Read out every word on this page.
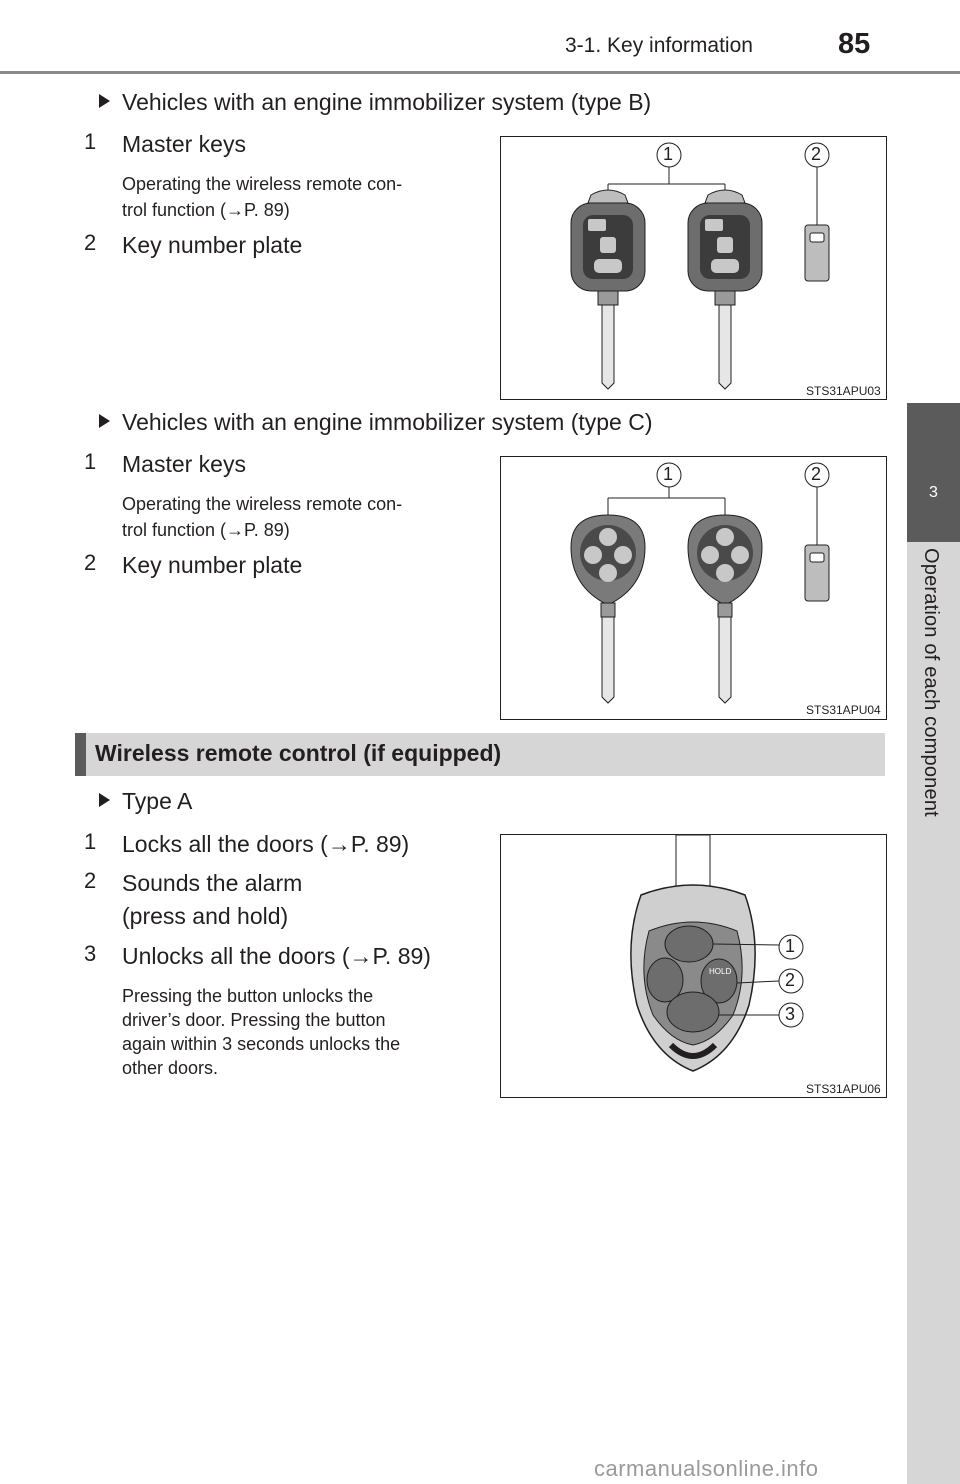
3-1. Key information	85
3
Operation of each component
Vehicles with an engine immobilizer system (type B)
1	Master keys
Operating the wireless remote con-
trol function (→P. 89)
2	Key number plate
STS31APU03
1	2
Vehicles with an engine immobilizer system (type C)
1	Master keys
Operating the wireless remote con-
trol function (→P. 89)
2	Key number plate
STS31APU04
1	2
Wireless remote control (if equipped)
Type A
1	Locks all the doors (→P. 89)
2	Sounds the alarm
(press and hold)
3	Unlocks all the doors (→P. 89)
Pressing the button unlocks the
driver’s door. Pressing the button
again within 3 seconds unlocks the
other doors.
HOLD
1
2
3
STS31APU06
carmanualsonline.info
